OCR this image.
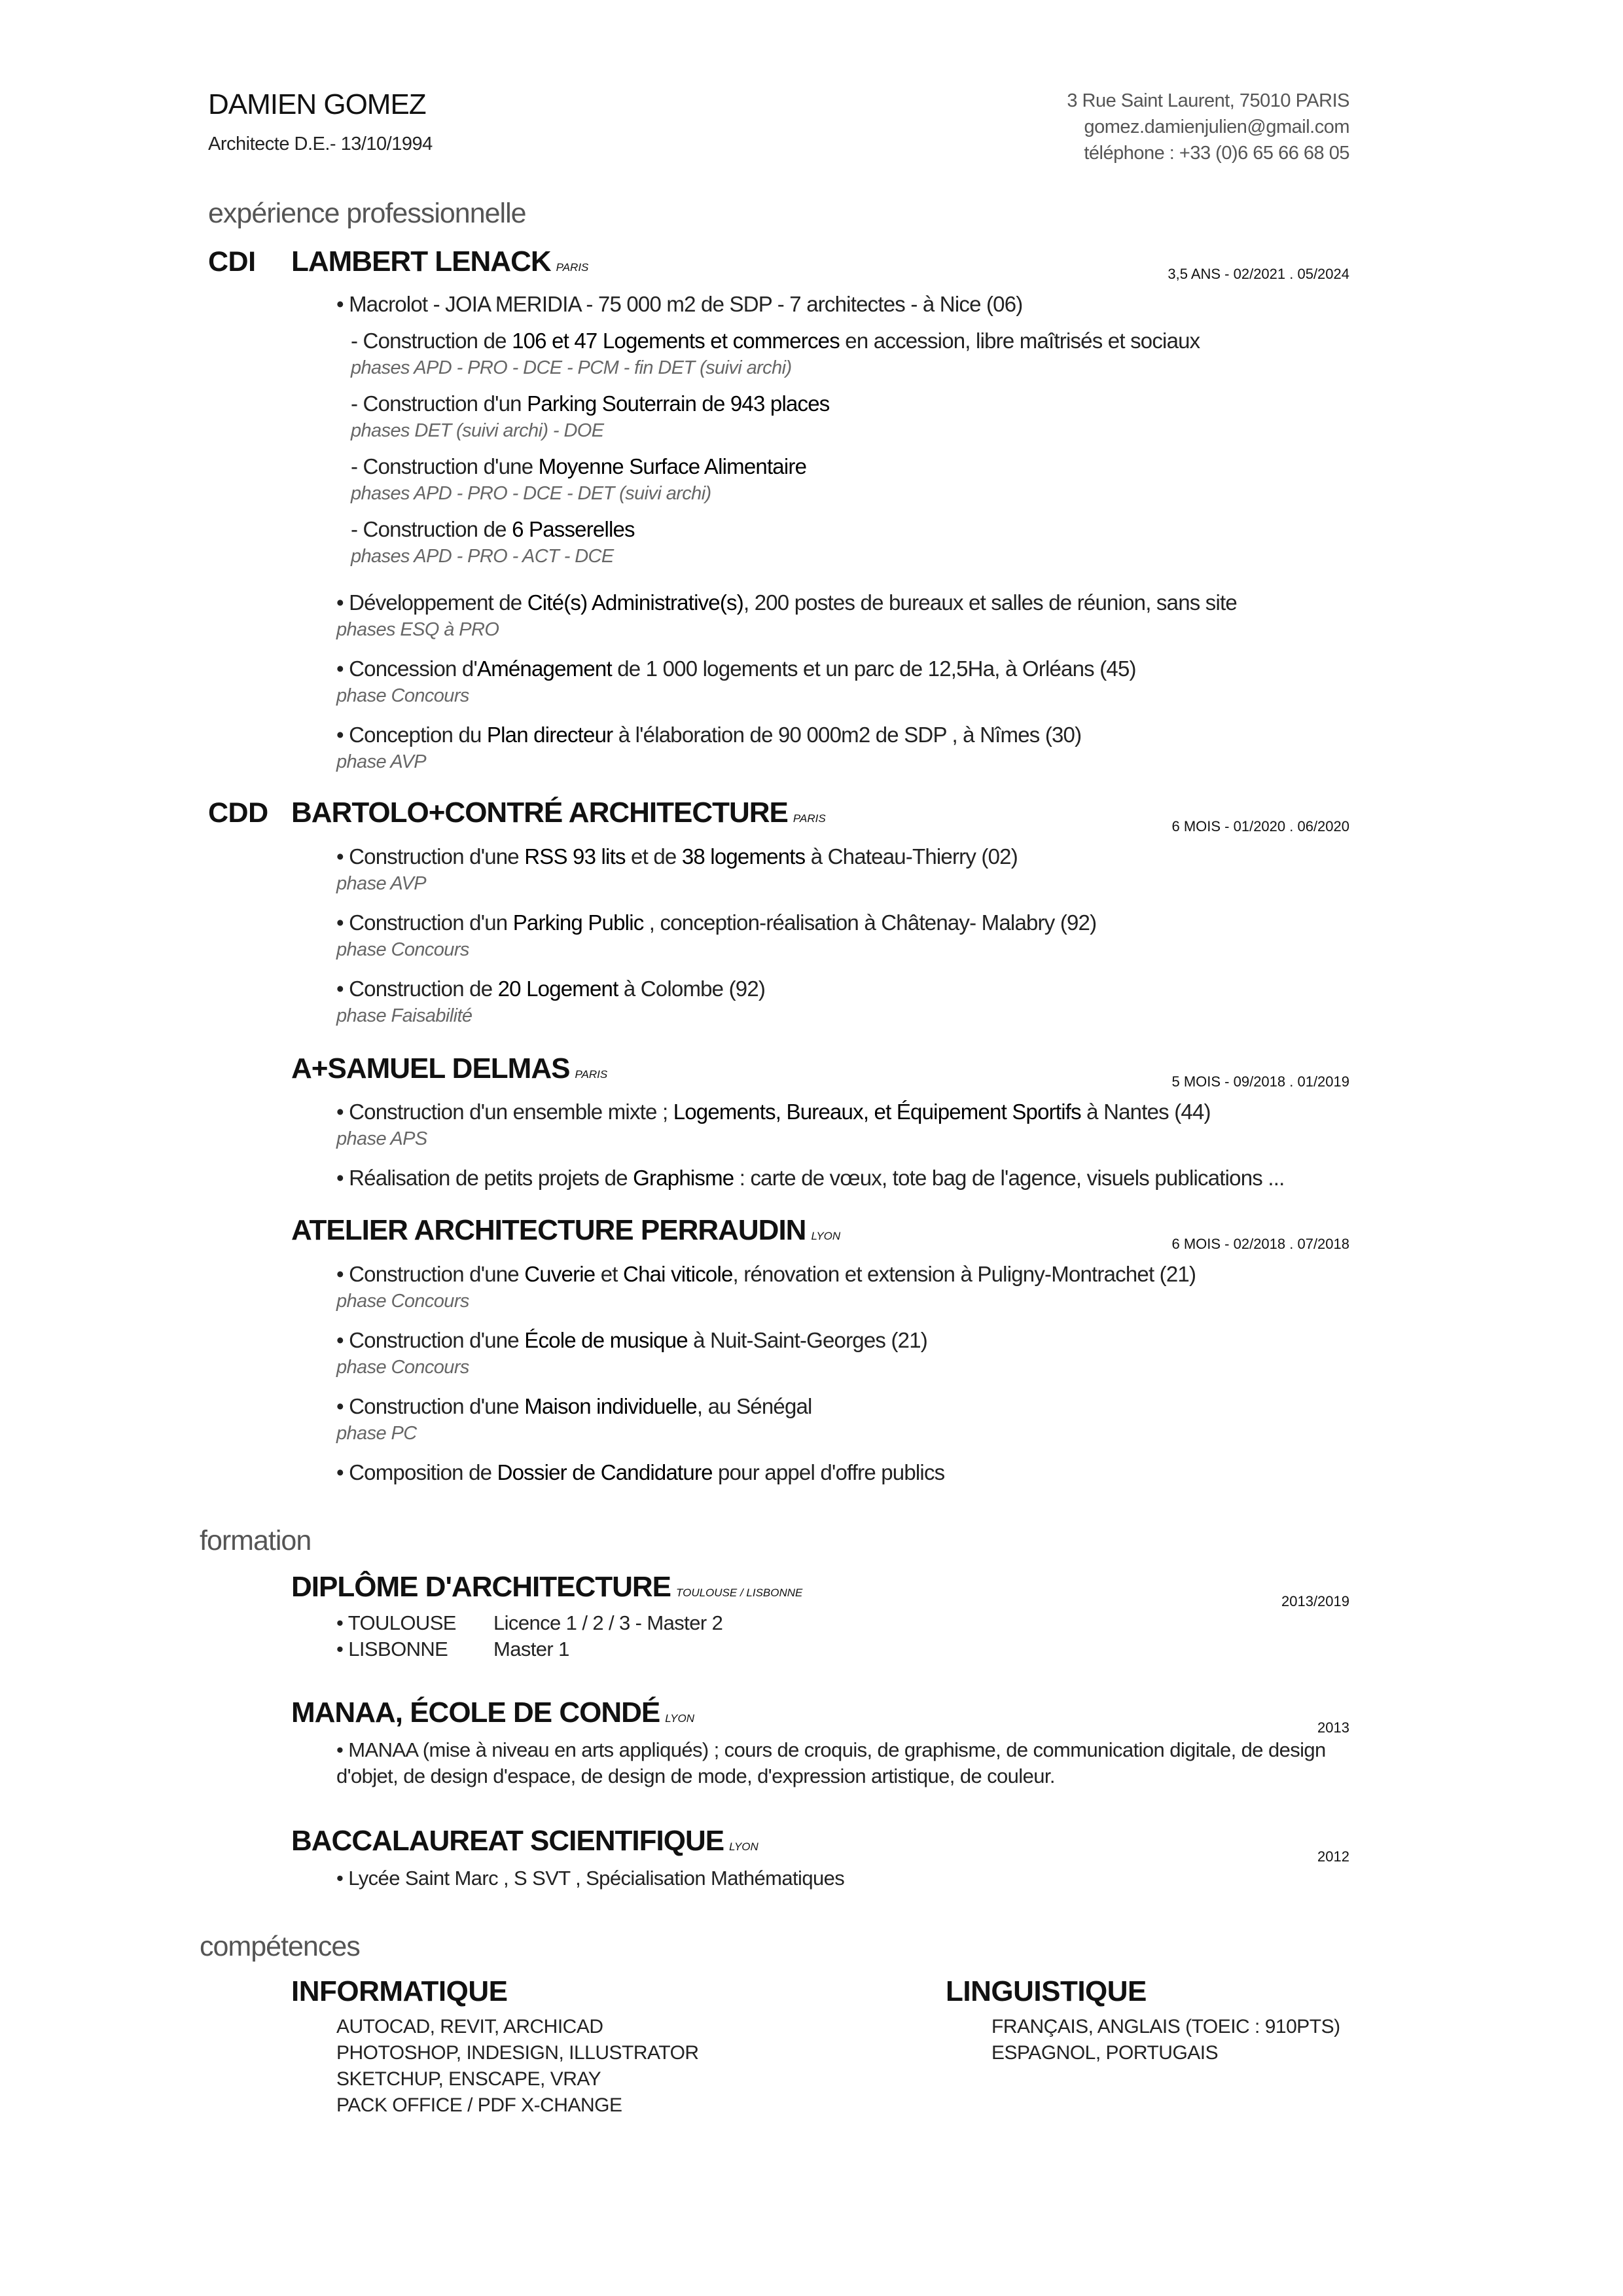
DAMIEN GOMEZ
Architecte D.E.- 13/10/1994
3 Rue Saint Laurent, 75010 PARIS
gomez.damienjulien@gmail.com
téléphone : +33 (0)6 65 66 68 05
expérience professionnelle
CDI LAMBERT LENACK PARIS	3,5 ANS - 02/2021 . 05/2024
• Macrolot - JOIA MERIDIA - 75 000 m2 de SDP - 7 architectes - à Nice (06)
- Construction de 106 et 47 Logements et commerces en accession, libre maîtrisés et sociaux
phases APD - PRO - DCE - PCM - fin DET (suivi archi)
- Construction d'un Parking Souterrain de 943 places
phases DET (suivi archi) - DOE
- Construction d'une Moyenne Surface Alimentaire
phases APD - PRO - DCE - DET (suivi archi)
- Construction de 6 Passerelles
phases APD - PRO - ACT - DCE
• Développement de Cité(s) Administrative(s), 200 postes de bureaux et salles de réunion, sans site
phases ESQ à PRO
• Concession d'Aménagement de 1 000 logements et un parc de 12,5Ha, à Orléans (45)
phase Concours
• Conception du Plan directeur à l'élaboration de 90 000m2 de SDP , à Nîmes (30)
phase AVP
CDD BARTOLO+CONTRÉ ARCHITECTURE PARIS	6 MOIS - 01/2020 . 06/2020
• Construction d'une RSS 93 lits et de 38 logements à Chateau-Thierry (02)
phase AVP
• Construction d'un Parking Public , conception-réalisation à Châtenay- Malabry (92)
phase Concours
• Construction de 20 Logement à Colombe (92)
phase Faisabilité
A+SAMUEL DELMAS PARIS	5 MOIS - 09/2018 . 01/2019
• Construction d'un ensemble mixte ; Logements, Bureaux, et Équipement Sportifs à Nantes (44)
phase APS
• Réalisation de petits projets de Graphisme : carte de vœux, tote bag de l'agence, visuels publications ...
ATELIER ARCHITECTURE PERRAUDIN LYON	6 MOIS - 02/2018 . 07/2018
• Construction d'une Cuverie et Chai viticole, rénovation et extension à Puligny-Montrachet (21)
phase Concours
• Construction d'une École de musique à Nuit-Saint-Georges (21)
phase Concours
• Construction d'une Maison individuelle, au Sénégal
phase PC
• Composition de Dossier de Candidature pour appel d'offre publics
formation
DIPLÔME D'ARCHITECTURE TOULOUSE / LISBONNE
2013/2019
• TOULOUSE Licence 1 / 2 / 3 - Master 2
• LISBONNE Master 1
MANAA, ÉCOLE DE CONDÉ LYON
2013
• MANAA (mise à niveau en arts appliqués) ; cours de croquis, de graphisme, de communication digitale, de design
d'objet, de design d'espace, de design de mode, d'expression artistique, de couleur.
BACCALAUREAT SCIENTIFIQUE LYON
2012
• Lycée Saint Marc , S SVT , Spécialisation Mathématiques
compétences
INFORMATIQUE
AUTOCAD, REVIT, ARCHICAD
PHOTOSHOP, INDESIGN, ILLUSTRATOR
SKETCHUP, ENSCAPE, VRAY
PACK OFFICE / PDF X-CHANGE
LINGUISTIQUE
FRANÇAIS, ANGLAIS (TOEIC : 910PTS)
ESPAGNOL, PORTUGAIS
